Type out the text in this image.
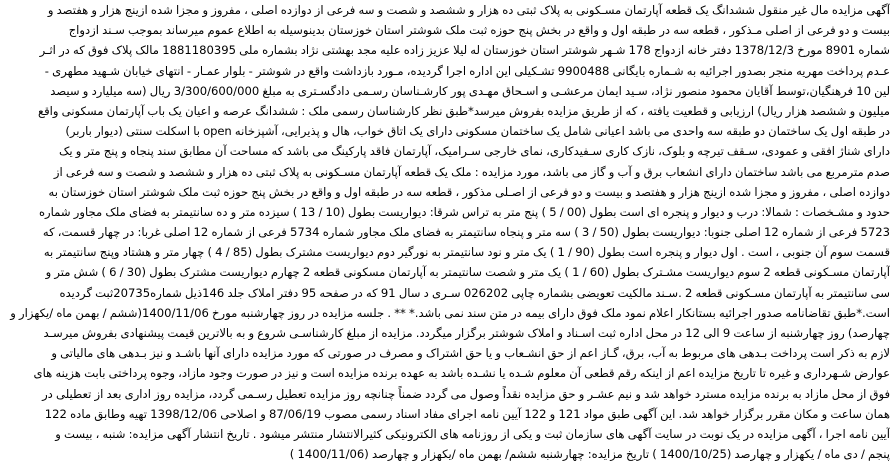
آگهی مزایده مال غیر منقول ششدانگ یک قطعه آپارتمان مسـکونی به پلاک ثبتی ده هزار و ششصد و شصت و سه فرعی از دوازده اصلی ، مفروز و مجزا شده ازینج هزار و هفتصد و
بیست و دو فرعی از اصلی مـذکور ، قطعه سه در طبقه اول و واقع در بخش پنج حوزه ثبت ملک شوشتر استان خوزستان بدینوسیله به اطلاع عموم میرساند بموجب سـند ازدواج
شماره 8901 مورخ 1378/12/3 دفتر خانه ازدواج 178 شـهر شوشتر استان خوزستان له لیلا عزیز زاده علیه مجد بهشتی نژاد بشماره ملی 1881180395 مالک پلاک فوق که در اثـر
عـدم پرداخت مهریه منجر بصدور اجرائیه به شـماره بایگانی 9900488 تشـکیلی این اداره اجرا گردیده، مـورد بازداشت واقع در شوشتر - بلوار عمـار - انتهای خیابان شـهید مطهری -
لین 10 فرهنگیان،توسط آقایان محمود منصور نژاد، سـید ایمان مرعشـی و اسـحاق مهـدی پور کارشـناسان رسـمی دادگسـتری به مبلغ 3/300/600/000 ریال (سه میلیارد و سیصد
میلیون و ششصد هزار ریال) ارزیابی و قطعیت یافته ، که از طریق مزایده بفروش میرسد*طبق نظر کارشناسان رسمی ملک : ششدانگ عرصه و اعیان یک باب آپارتمان مسکونی واقع
در طبقه اول یک ساختمان دو طبقه سه واحدی می باشد اعیانی شامل یک ساختمان مسکونی دارای یک اتاق خواب، هال و پذیرایی، آشپزخانه open با اسکلت سنتی (دیوار باربر)
دارای شناژ افقی و عمودی، سـقف تیرچه و بلوک، نازک کاری سـفیدکاری، نمای خارجی سـرامیک، آپارتمان فاقد پارکینگ می باشد که مساحت آن مطابق سند پنجاه و پنج متر و یک
صدم مترمربع می باشد ساختمان دارای انشعاب برق و آب و گاز می باشد، مورد مزایده : ملک یک قطعه آپارتمان مسـکونی به پلاک ثبتی ده هزار و ششصد و شصت و سه فرعی از
دوازده اصلی ، مفروز و مجزا شده ازینج هزار و هفتصد و بیست و دو فرعی از اصـلی مذکور ، قطعه سه در طبقه اول و واقع در بخش پنج حوزه ثبت ملک شوشتر استان خوزستان به
حدود و مشـخصات : شمالا: درب و دیوار و پنجره ای است بطول (00 / 5 ) پنج متر به تراس شرقا: دیواریست بطول (10 / 13 ) سیزده متر و ده سانتیمتر به فضای ملک مجاور شماره
5723 فرعی از شماره 12 اصلی جنوبا: دیواریست بطول (50 / 3 ) سه متر و پنجاه سانتیمتر به فضای ملک مجاور شماره 5734 فرعی از شماره 12 اصلی غربا: در چهار قسمت، که
قسمت سوم آن جنوبی ، است . اول دیوار و پنجره است بطول (90 / 1 ) یک متر و نود سانتیمتر به نورگیر دوم دیواریست مشترک بطول (85 / 4 ) چهار متر و هشتاد وپنج سانتیمتر به
آپارتمان مسـکونی قطعه 2 سوم دیواریست مشـترک بطول (60 / 1 ) یک متر و شصت سانتیمتر به آپارتمان مسکونی قطعه 2 چهارم دیواریست مشترک بطول (30 / 6 ) شش متر و
سی سانتیمتر به آپارتمان مسـکونی قطعه 2 .سـند مالکیت تعویضی بشماره چاپی 026202 سـری د سال 91 که در صفحه 95 دفتر املاک جلد 146ذیل شماره20735ثبت گردیده
است.*طبق تقاضانامه صدور اجرائیه بستانکار اعلام نمود ملک فوق دارای بیمه در متن سند نمی باشد.* ** . جلسه مزایده در روز چهارشنبه مورخ 1400/11/06(ششم / بهمن ماه /یکهزار و
چهارصد) روز چهارشنبه از ساعت 9 الی 12 در محل اداره ثبت اسـناد و املاک شوشتر برگزار میگردد. مزایده از مبلغ کارشناسـی شروع و به بالاترین قیمت پیشنهادی بفروش میرسـد
لازم به ذکر است پرداخت بـدهی های مربوط به آب، برق، گـاز اعم از حق انشـعاب و یا حق اشتراک و مصرف در صورتی که مورد مزایده دارای آنها باشـد و نیز بـدهی های مالیاتی و
عوارض شـهرداری و غیره تا تاریخ مزایده اعم از اینکه رقم قطعی آن معلوم شـده یا نشـده باشد به عهده برنده مزایده است و نیز در صورت وجود مازاد، وجوه پرداختی بابت هزینه های
فوق از محل مازاد به برنده مزایده مسترد خواهد شد و نیم عشـر و حق مزایده نقداً وصول می گردد ضمناً چنانچه روز مزایده تعطیل رسـمی گردد، مزایده روز اداری بعد از تعطیلی در
همان ساعت و مکان مقرر برگزار خواهد شد. این آگهی طبق مواد 121 و 122 آیین نامه اجرای مفاد اسناد رسمی مصوب 87/06/19 و اصلاحی 1398/12/06 تهیه وطابق ماده 122
آیین نامه اجرا ، آگهی مزایده در یک نوبت در سایت آگهی های سازمان ثبت و یکی از روزنامه های الکترونیکی کثیرالانتشار منتشر میشود . تاریخ انتشار آگهی مزایده: شنبه ، بیست و
پنجم / دی ماه / یکهزار و چهارصد (1400/10/25 ) تاریخ مزایده: چهارشنبه ششم/ بهمن ماه /یکهزار و چهارصد (1400/11/06 )
